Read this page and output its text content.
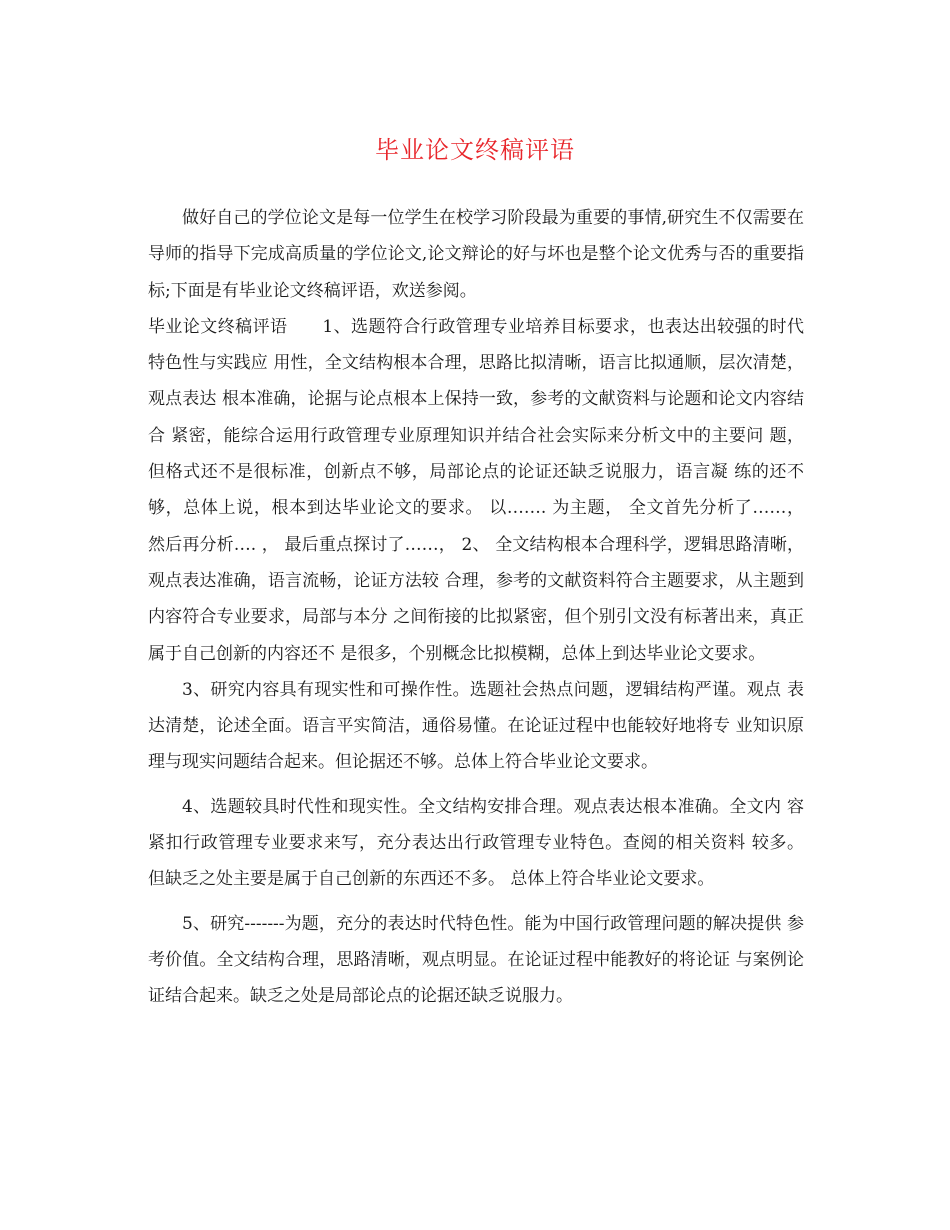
毕业论文终稿评语

做好自己的学位论文是每一位学生在校学习阶段最为重要的事情,研究生不仅需要在导师的指导下完成高质量的学位论文,论文辩论的好与坏也是整个论文优秀与否的重要指标;下面是有毕业论文终稿评语，欢送参阅。

毕业论文终稿评语　　1、选题符合行政管理专业培养目标要求，也表达出较强的时代特色性与实践应 用性，全文结构根本合理，思路比拟清晰，语言比拟通顺，层次清楚，观点表达 根本准确，论据与论点根本上保持一致，参考的文献资料与论题和论文内容结合 紧密，能综合运用行政管理专业原理知识并结合社会实际来分析文中的主要问 题，但格式还不是很标准，创新点不够，局部论点的论证还缺乏说服力，语言凝 练的还不够，总体上说，根本到达毕业论文的要求。 以……. 为主题， 全文首先分析了……， 然后再分析…. ， 最后重点探讨了……， 2、 全文结构根本合理科学，逻辑思路清晰，观点表达准确，语言流畅，论证方法较 合理，参考的文献资料符合主题要求，从主题到内容符合专业要求，局部与本分 之间衔接的比拟紧密，但个别引文没有标著出来，真正属于自己创新的内容还不 是很多，个别概念比拟模糊，总体上到达毕业论文要求。

3、研究内容具有现实性和可操作性。选题社会热点问题，逻辑结构严谨。观点 表达清楚，论述全面。语言平实简洁，通俗易懂。在论证过程中也能较好地将专 业知识原理与现实问题结合起来。但论据还不够。总体上符合毕业论文要求。

4、选题较具时代性和现实性。全文结构安排合理。观点表达根本准确。全文内 容紧扣行政管理专业要求来写，充分表达出行政管理专业特色。查阅的相关资料 较多。 但缺乏之处主要是属于自己创新的东西还不多。 总体上符合毕业论文要求。

5、研究-------为题，充分的表达时代特色性。能为中国行政管理问题的解决提供 参考价值。全文结构合理，思路清晰，观点明显。在论证过程中能教好的将论证 与案例论证结合起来。缺乏之处是局部论点的论据还缺乏说服力。
